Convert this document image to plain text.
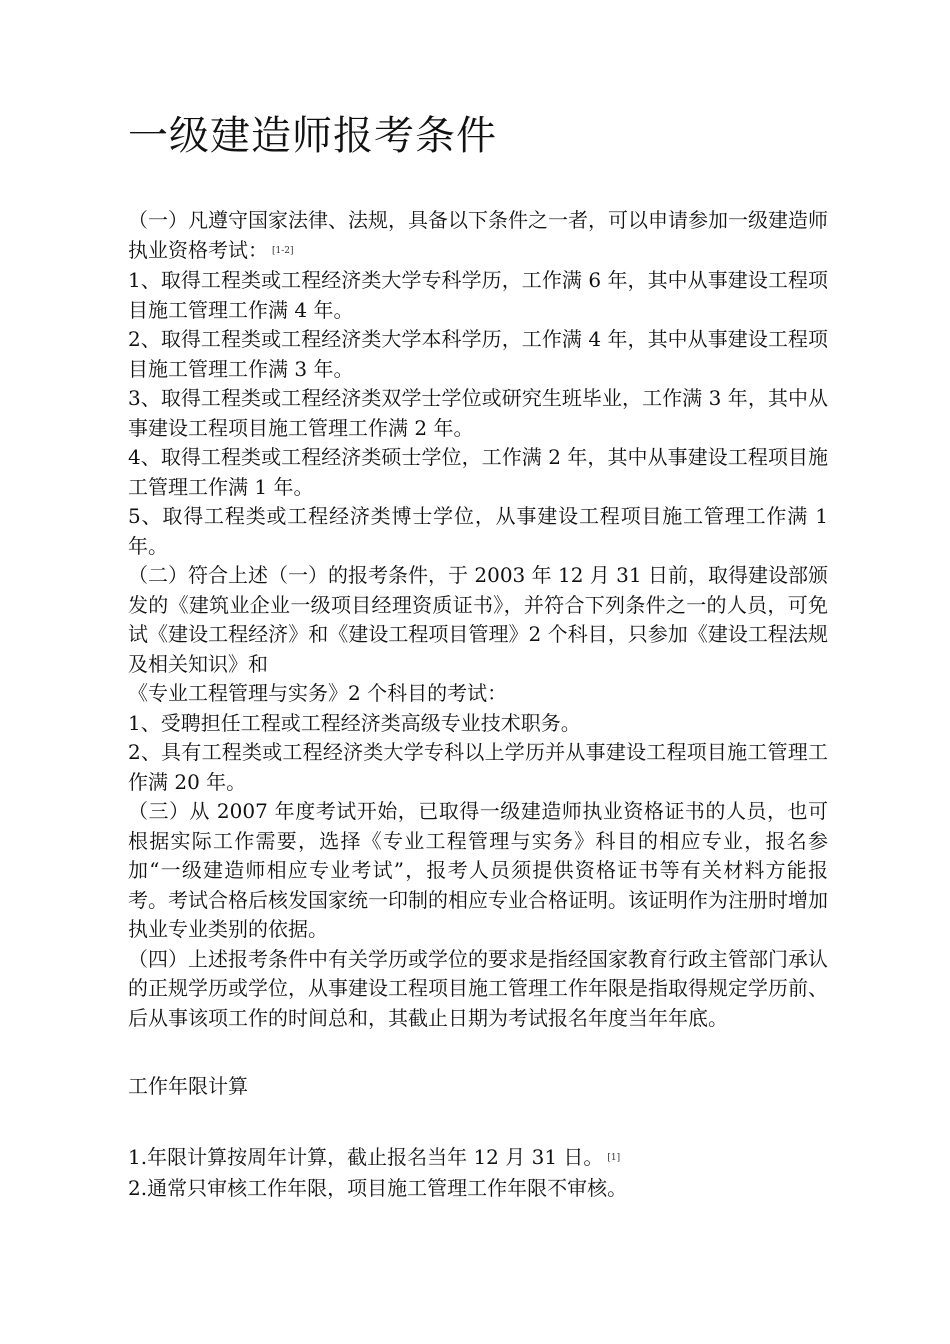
一级建造师报考条件

（一）凡遵守国家法律、法规，具备以下条件之一者，可以申请参加一级建造师执业资格考试： [1-2]

1、取得工程类或工程经济类大学专科学历，工作满 6 年，其中从事建设工程项目施工管理工作满 4 年。

2、取得工程类或工程经济类大学本科学历，工作满 4 年，其中从事建设工程项目施工管理工作满 3 年。

3、取得工程类或工程经济类双学士学位或研究生班毕业，工作满 3 年，其中从事建设工程项目施工管理工作满 2 年。

4、取得工程类或工程经济类硕士学位，工作满 2 年，其中从事建设工程项目施工管理工作满 1 年。

5、取得工程类或工程经济类博士学位，从事建设工程项目施工管理工作满 1 年。

（二）符合上述（一）的报考条件，于 2003 年 12 月 31 日前，取得建设部颁发的《建筑业企业一级项目经理资质证书》，并符合下列条件之一的人员，可免试《建设工程经济》和《建设工程项目管理》2 个科目，只参加《建设工程法规及相关知识》和

《专业工程管理与实务》2 个科目的考试：

1、受聘担任工程或工程经济类高级专业技术职务。

2、具有工程类或工程经济类大学专科以上学历并从事建设工程项目施工管理工作满 20 年。

（三）从 2007 年度考试开始，已取得一级建造师执业资格证书的人员，也可根据实际工作需要，选择《专业工程管理与实务》科目的相应专业，报名参加“一级建造师相应专业考试”，报考人员须提供资格证书等有关材料方能报考。考试合格后核发国家统一印制的相应专业合格证明。该证明作为注册时增加执业专业类别的依据。

（四）上述报考条件中有关学历或学位的要求是指经国家教育行政主管部门承认的正规学历或学位，从事建设工程项目施工管理工作年限是指取得规定学历前、后从事该项工作的时间总和，其截止日期为考试报名年度当年年底。

工作年限计算

1.年限计算按周年计算，截止报名当年 12 月 31 日。 [1]

2.通常只审核工作年限，项目施工管理工作年限不审核。
